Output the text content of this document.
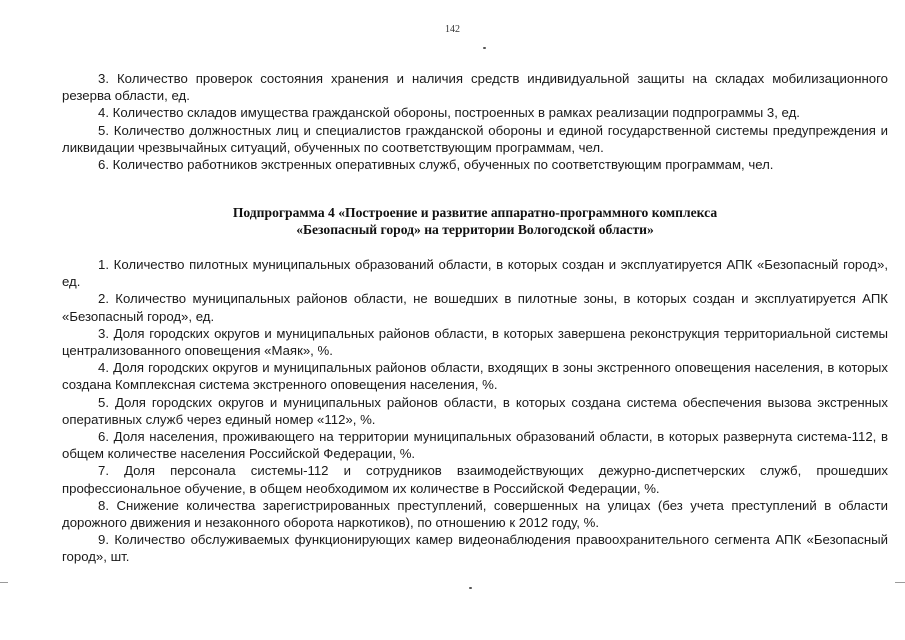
142

3. Количество проверок состояния хранения и наличия средств индивидуальной защиты на складах мобилизационного резерва области, ед.

4. Количество складов имущества гражданской обороны, построенных в рамках реализации подпрограммы 3, ед.

5. Количество должностных лиц и специалистов гражданской обороны и единой государственной системы предупреждения и ликвидации чрезвычайных ситуаций, обученных по соответствующим программам, чел.

6. Количество работников экстренных оперативных служб, обученных по соответствующим программам, чел.

Подпрограмма 4 «Построение и развитие аппаратно-программного комплекса
«Безопасный город» на территории Вологодской области»

1. Количество пилотных муниципальных образований области, в которых создан и эксплуатируется АПК «Безопасный город», ед.

2. Количество муниципальных районов области, не вошедших в пилотные зоны, в которых создан и эксплуатируется АПК «Безопасный город», ед.

3. Доля городских округов и муниципальных районов области, в которых завершена реконструкция территориальной системы централизованного оповещения «Маяк», %.

4. Доля городских округов и муниципальных районов области, входящих в зоны экстренного оповещения населения, в которых создана Комплексная система экстренного оповещения населения, %.

5. Доля городских округов и муниципальных районов области, в которых создана система обеспечения вызова экстренных оперативных служб через единый номер «112», %.

6. Доля населения, проживающего на территории муниципальных образований области, в которых развернута система-112, в общем количестве населения Российской Федерации, %.

7. Доля персонала системы-112 и сотрудников взаимодействующих дежурно-диспетчерских служб, прошедших профессиональное обучение, в общем необходимом их количестве в Российской Федерации, %.

8. Снижение количества зарегистрированных преступлений, совершенных на улицах (без учета преступлений в области дорожного движения и незаконного оборота наркотиков), по отношению к 2012 году, %.

9. Количество обслуживаемых функционирующих камер видеонаблюдения правоохранительного сегмента АПК «Безопасный город», шт.
